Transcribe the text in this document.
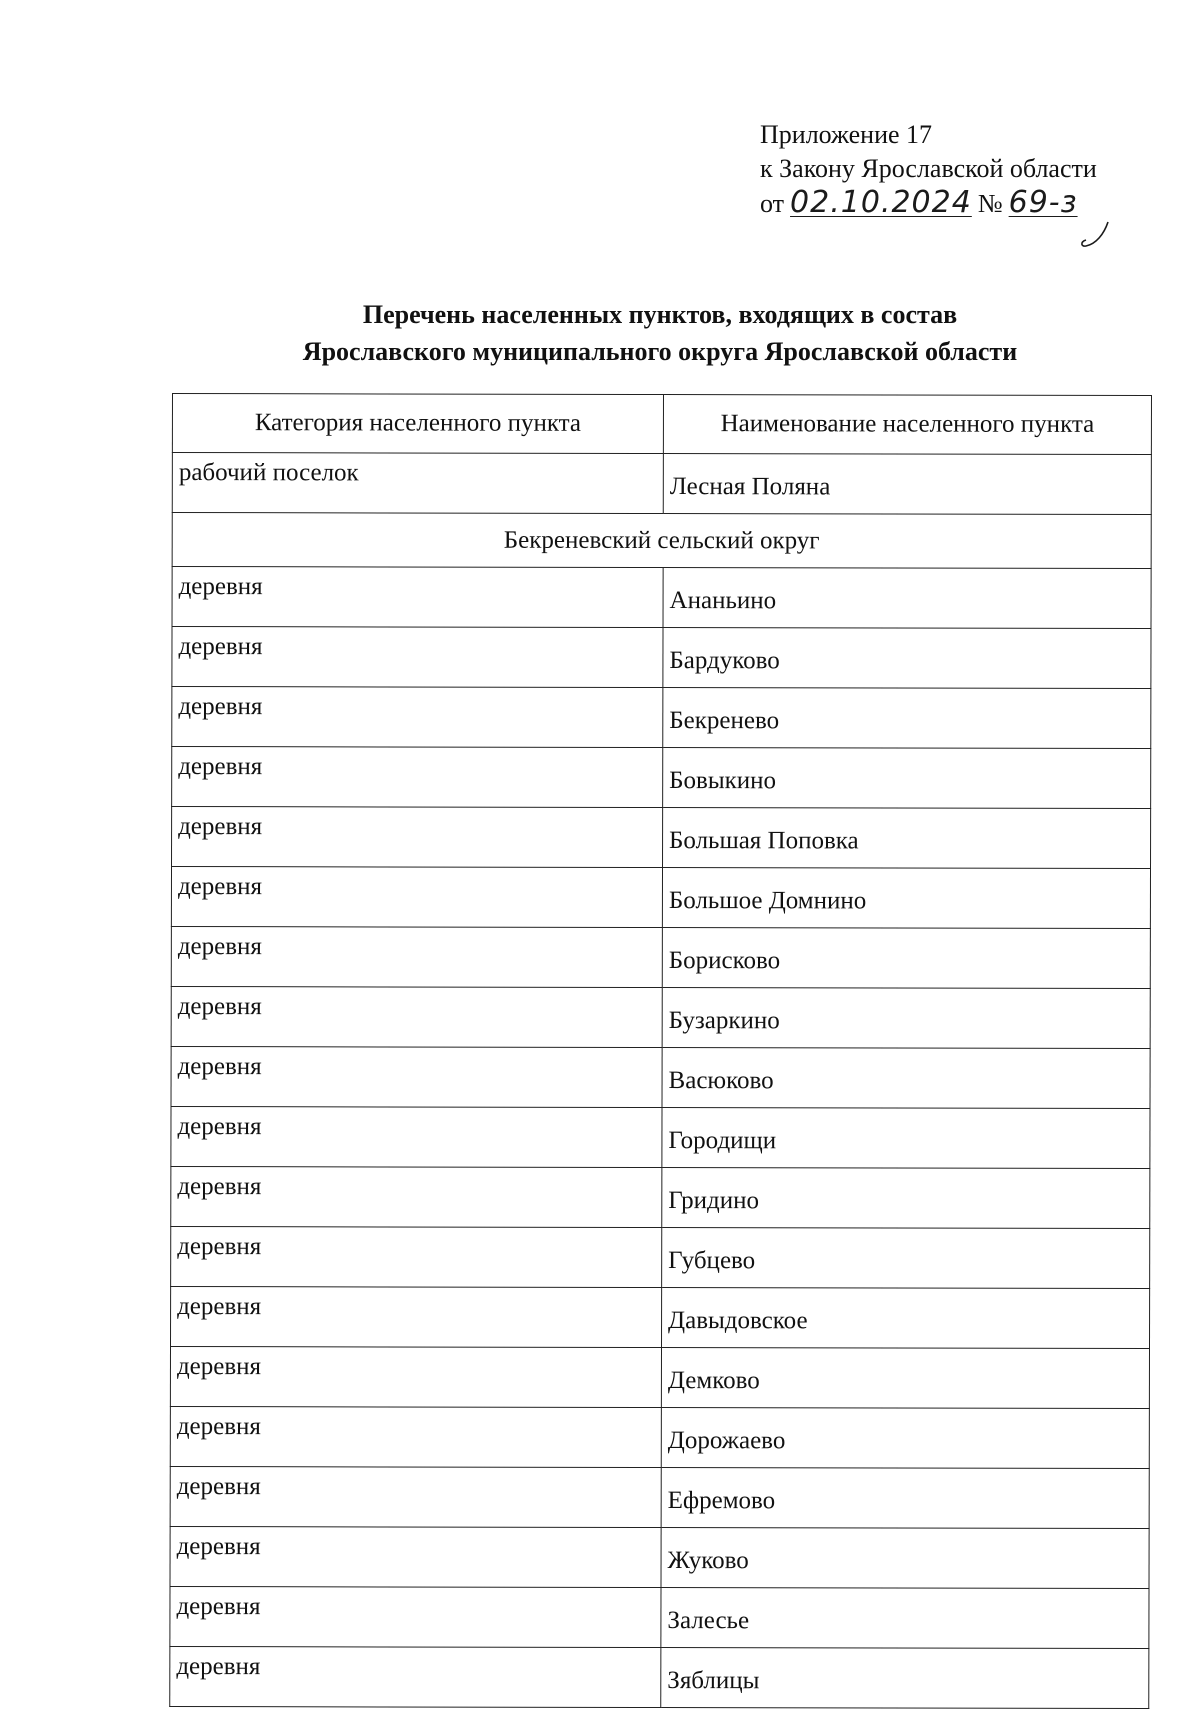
Приложение 17
к Закону Ярославской области
от 02.10.2024 № 69-з
Перечень населенных пунктов, входящих в состав
Ярославского муниципального округа Ярославской области
Категория населенного пункта	Наименование населенного пункта
рабочий поселок	Лесная Поляна
Бекреневский сельский округ	
деревня	Ананьино
деревня	Бардуково
деревня	Бекренево
деревня	Бовыкино
деревня	Большая Поповка
деревня	Большое Домнино
деревня	Борисково
деревня	Бузаркино
деревня	Васюково
деревня	Городищи
деревня	Гридино
деревня	Губцево
деревня	Давыдовское
деревня	Демково
деревня	Дорожаево
деревня	Ефремово
деревня	Жуково
деревня	Залесье
деревня	Зяблицы
